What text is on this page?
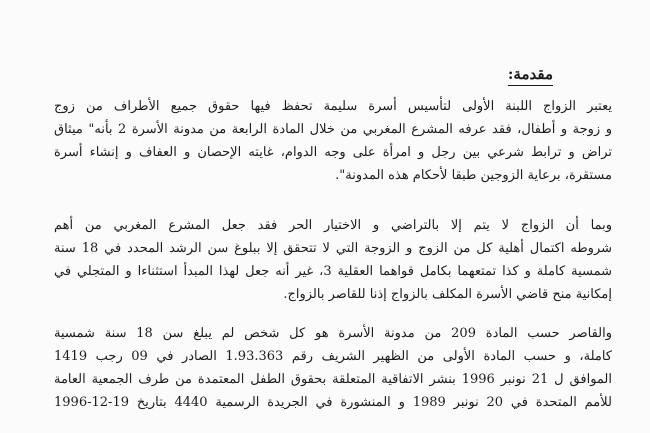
مقدمة:

يعتبر الزواج اللبنة الأولى لتأسيس أسرة سليمة تحفظ فيها حقوق جميع الأطراف من زوج
و زوجة و أطفال، فقد عرفه المشرع المغربي من خلال المادة الرابعة من مدونة الأسرة 2 بأنه" ميثاق
تراض و ترابط شرعي بين رجل و امرأة على وجه الدوام، غايته الإحصان و العفاف و إنشاء أسرة
مستقرة، برعاية الزوجين طبقا لأحكام هذه المدونة".

وبما أن الزواج لا يتم إلا بالتراضي و الاختيار الحر فقد جعل المشرع المغربي من أهم
شروطه اكتمال أهلية كل من الزوج و الزوجة التي لا تتحقق إلا ببلوغ سن الرشد المحدد في 18 سنة
شمسية كاملة و كذا تمتعهما بكامل قواهما العقلية 3، غير أنه جعل لهذا المبدأ استثناءا و المتجلي في
إمكانية منح قاضي الأسرة المكلف بالزواج إذنا للقاصر بالزواج.

والقاصر حسب المادة 209 من مدونة الأسرة هو كل شخص لم يبلغ سن 18 سنة شمسية
كاملة، و حسب المادة الأولى من الظهير الشريف رقم 1.93.363 الصادر في 09 رجب 1419
الموافق ل 21 نونبر 1996 بنشر الاتفاقية المتعلقة بحقوق الطفل المعتمدة من طرف الجمعية العامة
للأمم المتحدة في 20 نونبر 1989 و المنشورة في الجريدة الرسمية 4440 بتاريخ 19-12-1996
